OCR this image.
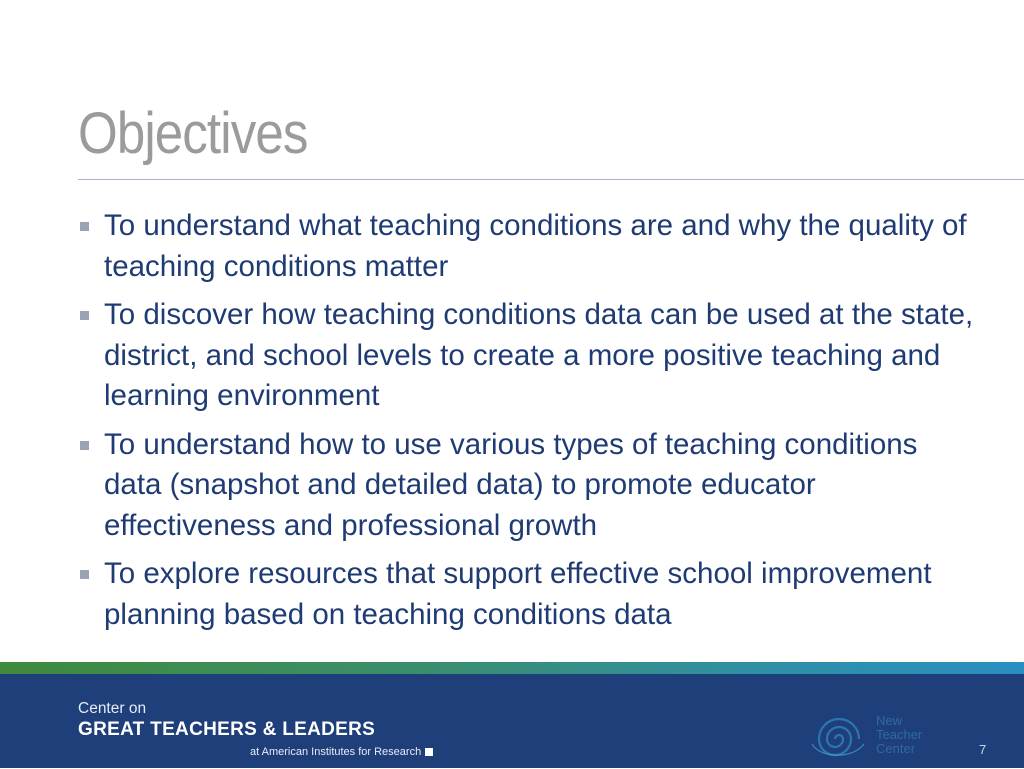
Objectives
To understand what teaching conditions are and why the quality of teaching conditions matter
To discover how teaching conditions data can be used at the state, district, and school levels to create a more positive teaching and learning environment
To understand how to use various types of teaching conditions data (snapshot and detailed data) to promote educator effectiveness and professional growth
To explore resources that support effective school improvement planning based on teaching conditions data
Center on
GREAT TEACHERS & LEADERS
at American Institutes for Research
New
Teacher
Center	7
